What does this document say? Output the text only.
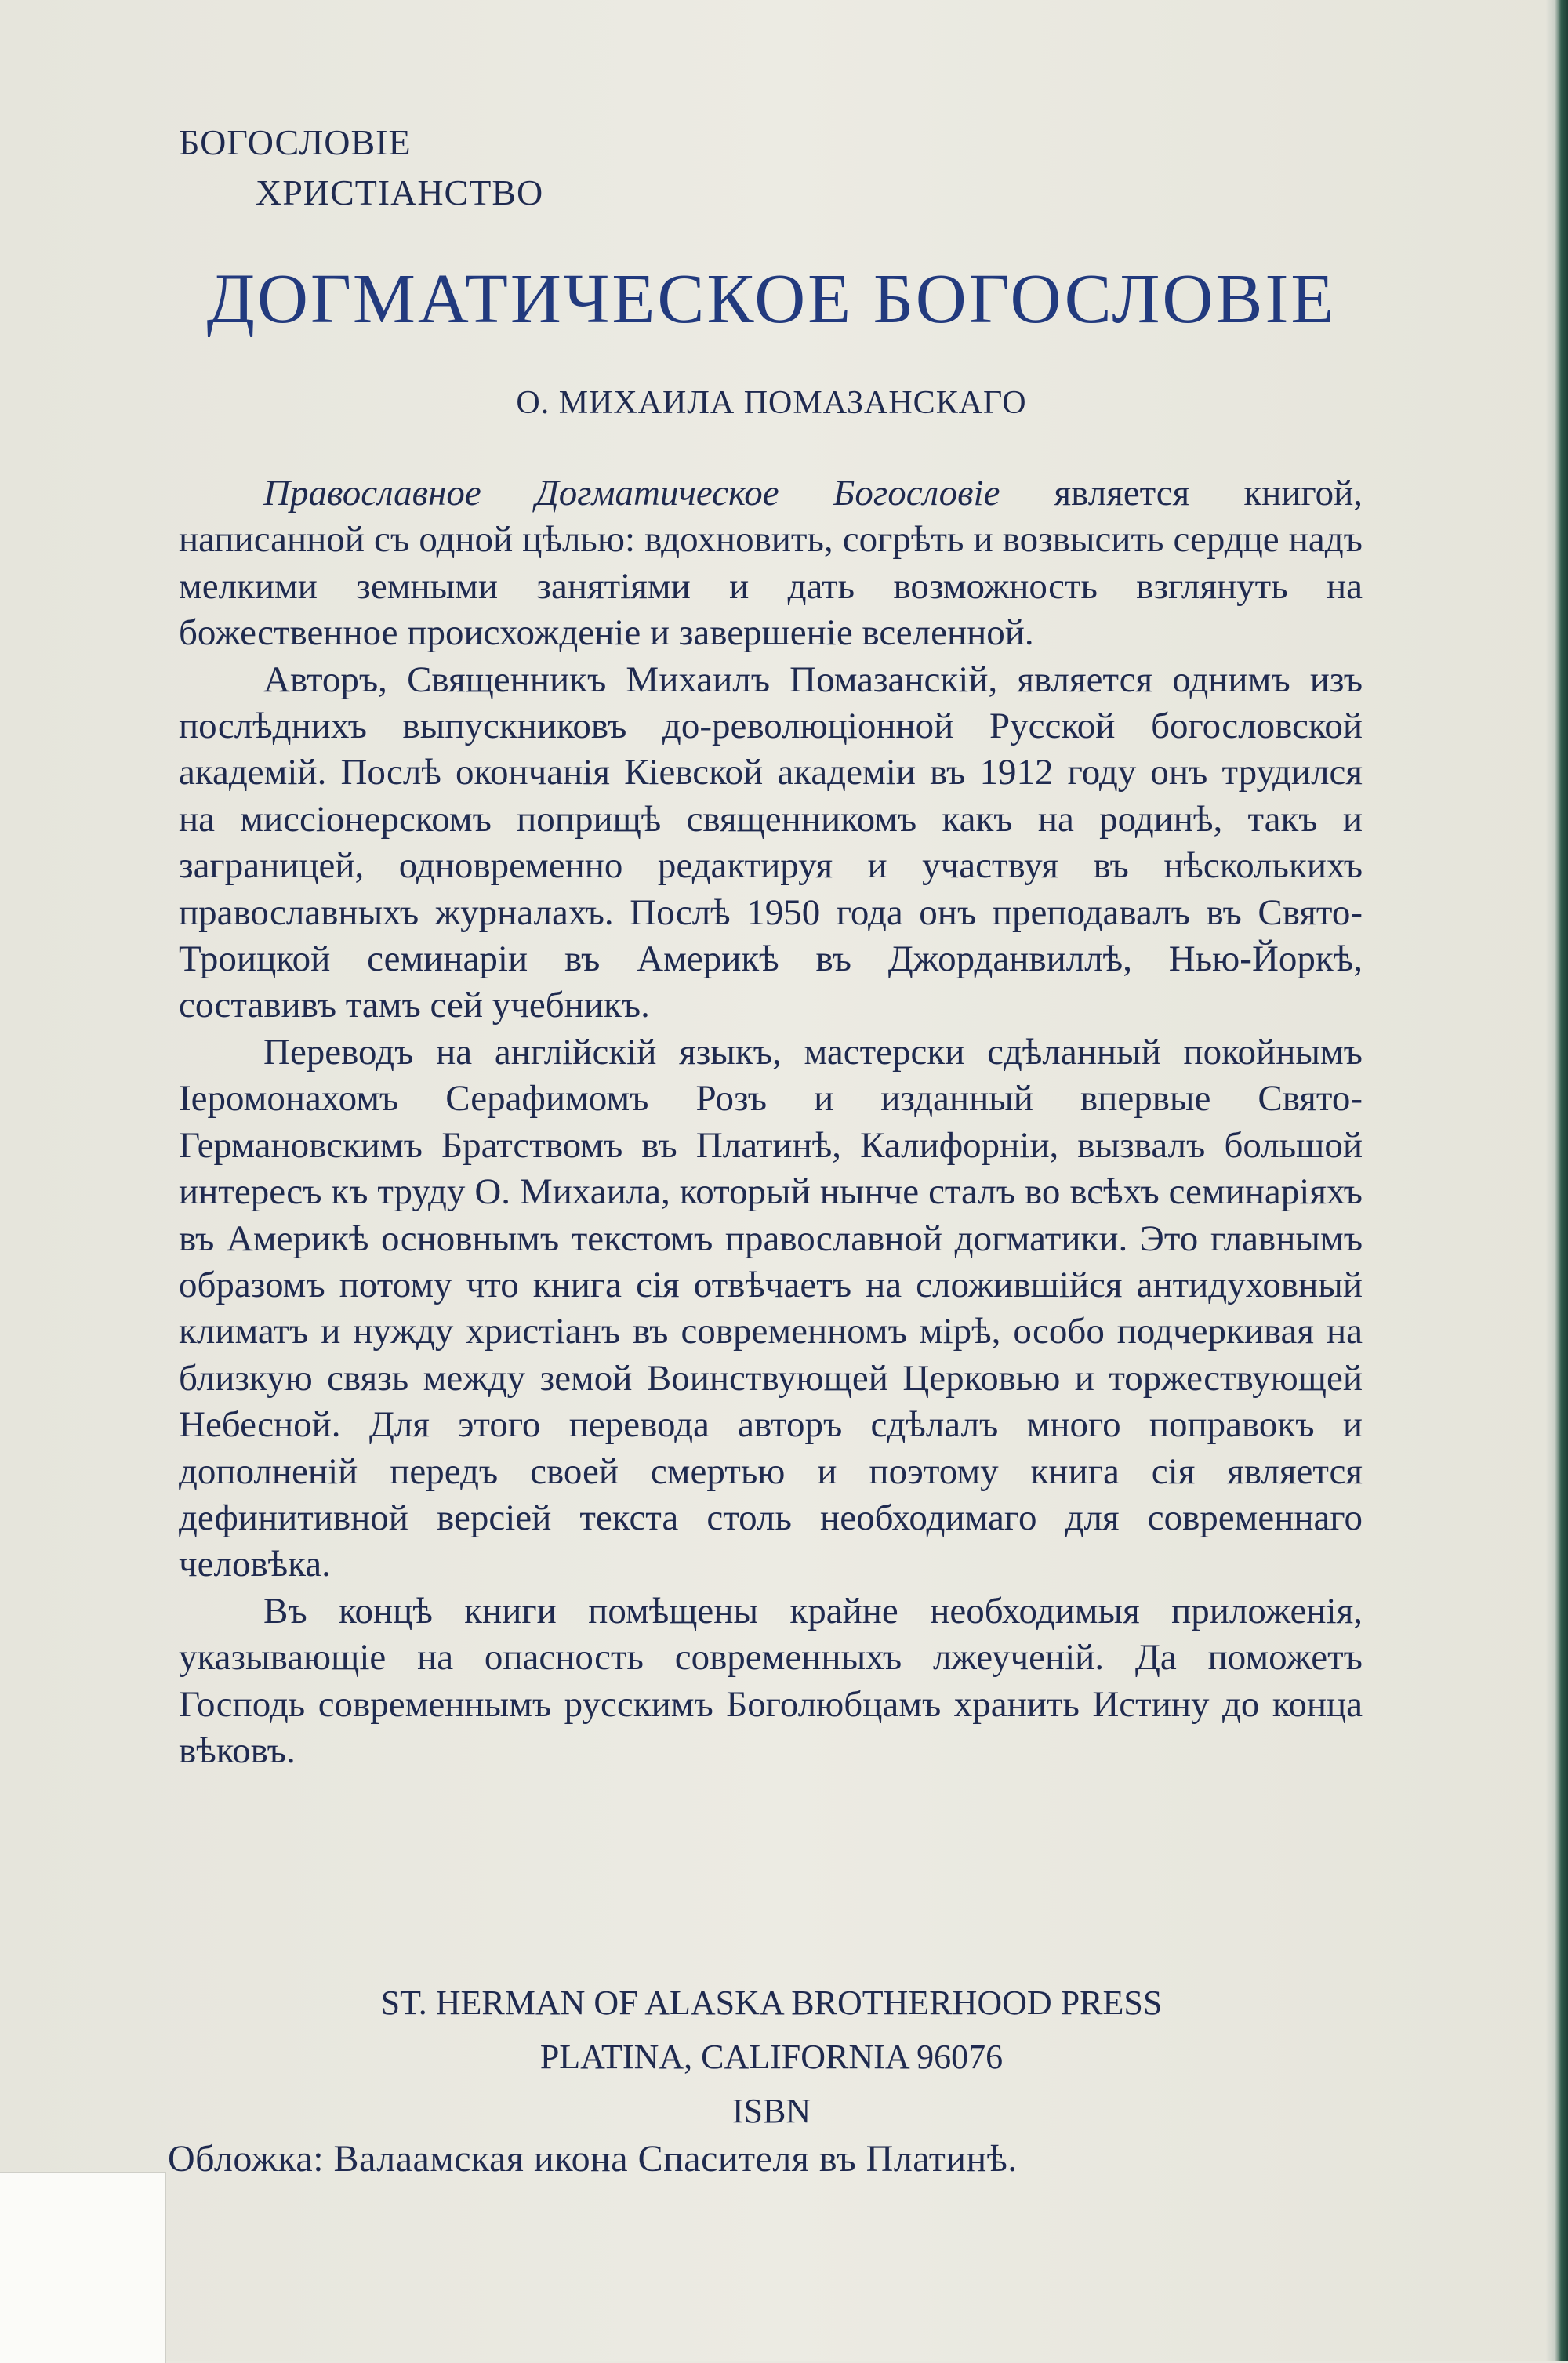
БОГОСЛОВІЕ
ХРИСТІАНСТВО
ДОГМАТИЧЕСКОЕ БОГОСЛОВІЕ
О. МИХАИЛА ПОМАЗАНСКАГО

Православное Догматическое Богословіе является книгой, написанной съ одной цѣлью: вдохновить, согрѣть и возвысить сердце надъ мелкими земными занятіями и дать возможность взглянуть на божественное происхожденіе и завершеніе вселенной.

Авторъ, Священникъ Михаилъ Помазанскій, является однимъ изъ послѣднихъ выпускниковъ до-революціонной Русской богословской академій. Послѣ окончанія Кіевской академіи въ 1912 году онъ трудился на миссіонерскомъ поприщѣ священникомъ какъ на родинѣ, такъ и заграницей, одновременно редактируя и участвуя въ нѣсколькихъ православныхъ журналахъ. Послѣ 1950 года онъ преподавалъ въ Свято-Троицкой семинаріи въ Америкѣ въ Джорданвиллѣ, Нью-Йоркѣ, составивъ тамъ сей учебникъ.

Переводъ на англійскій языкъ, мастерски сдѣланный покойнымъ Іеромонахомъ Серафимомъ Розъ и изданный впервые Свято-Германовскимъ Братствомъ въ Платинѣ, Калифорніи, вызвалъ большой интересъ къ труду О. Михаила, который нынче сталъ во всѣхъ семинаріяхъ въ Америкѣ основнымъ текстомъ православной догматики. Это главнымъ образомъ потому что книга сія отвѣчаетъ на сложившійся антидуховный климатъ и нужду христіанъ въ современномъ мірѣ, особо подчеркивая на близкую связь между земой Воинствующей Церковью и торжествующей Небесной. Для этого перевода авторъ сдѣлалъ много поправокъ и дополненій передъ своей смертью и поэтому книга сія является дефинитивной версіей текста столь необходимаго для современнаго человѣка.

Въ концѣ книги помѣщены крайне необходимыя приложенія, указывающіе на опасность современныхъ лжеученій. Да поможетъ Господь современнымъ русскимъ Боголюбцамъ хранить Истину до конца вѣковъ.

ST. HERMAN OF ALASKA BROTHERHOOD PRESS
PLATINA, CALIFORNIA 96076
ISBN
Обложка: Валаамская икона Спасителя въ Платинѣ.
